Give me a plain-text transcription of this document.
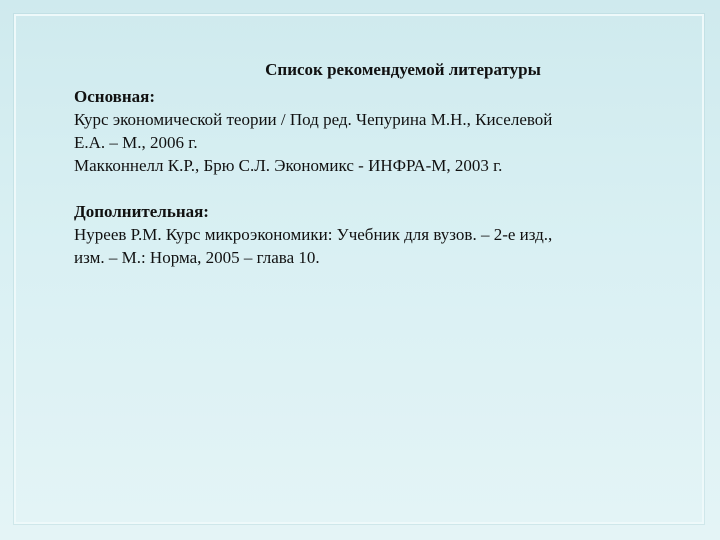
Список рекомендуемой литературы
Основная:
Курс экономической теории / Под ред. Чепурина М.Н., Киселевой
Е.А. – М., 2006 г.
Макконнелл К.Р., Брю С.Л. Экономикс - ИНФРА-М, 2003 г.
Дополнительная:
Нуреев Р.М. Курс микроэкономики: Учебник для вузов. – 2-е изд.,
изм. – М.: Норма, 2005 – глава 10.
